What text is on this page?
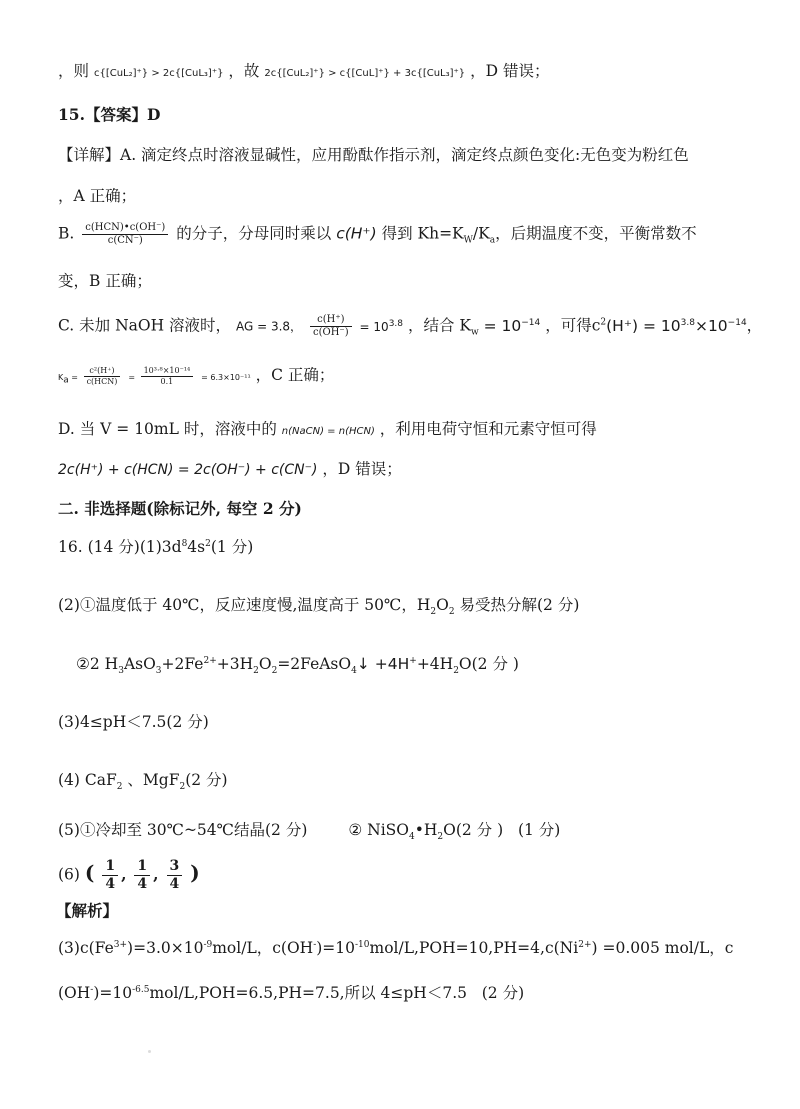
，则 c{[CuL₂]⁺} > 2c{[CuL₃]⁺} ，故 2c{[CuL₂]⁺} > c{[CuL]⁺} + 3c{[CuL₃]⁺} ，D 错误；
15.【答案】D
【详解】A. 滴定终点时溶液显碱性，应用酚酞作指示剂，滴定终点颜色变化:无色变为粉红色
，A 正确；
B. $\frac{\text{c(HCN)•c(OH⁻)}}{c(CN^-)}$ 的分子，分母同时乘以 c(H⁺) 得到 $Kh=K_W/K_a$，后期温度不变，平衡常数不
变，B 正确；
C. 未加 NaOH 溶液时， AG = 3.8， $\frac{c(H^+)}{c(OH^-)} = 10^{3.8}$ ，结合 $K_w = 10^{-14}$ ，可得$c^2(H^+) = 10^{3.8}\times 10^{-14}$，
$K_a = \frac{\text{c²(H⁺)}}{\text{c(HCN)}} = \frac{\text{10³·⁸×10⁻¹⁴}}{0.1} = 6.3\times 10^{-11}$ ，C 正确；
D. 当 V = 10mL 时，溶液中的 n(NaCN) = n(HCN) ，利用电荷守恒和元素守恒可得
2c(H⁺) + c(HCN) = 2c(OH⁻) + c(CN⁻) ，D 错误；
二. 非选择题(除标记外, 每空 2 分)
16. (14 分)$(1)3d^84s^2(1$ 分)
(2)①温度低于 40℃，反应速度慢,温度高于 50℃，$H_2O_2$ 易受热分解(2 分)
②2 $H_3AsO_3+2Fe^{2+}+3H_2O_2=2FeAsO_4↓ +4H^++4H_2O(2$ 分 )
(3)4≤pH＜7.5(2 分)
(4) CaF$_2$ 、MgF$_2$(2 分)
(5)①冷却至 30℃~54℃结晶(2 分)	② $NiSO_4•H_2O(2$ 分 )   (1 分)
(6) ( $\frac{1}{4}$ , $\frac{1}{4}$ , $\frac{3}{4}$ )
【解析】
$(3)c(Fe^{3+})=3.0\times 10^{-9}mol/L$，$c(OH^-)=10^{-10}mol/L,POH=10,PH=4,c(Ni^{2+}) =0.005$ mol/L，c
$(OH^-)=10^{-6.5}mol/L,POH=6.5,PH=7.5$,所以 4≤pH＜7.5   (2 分)
